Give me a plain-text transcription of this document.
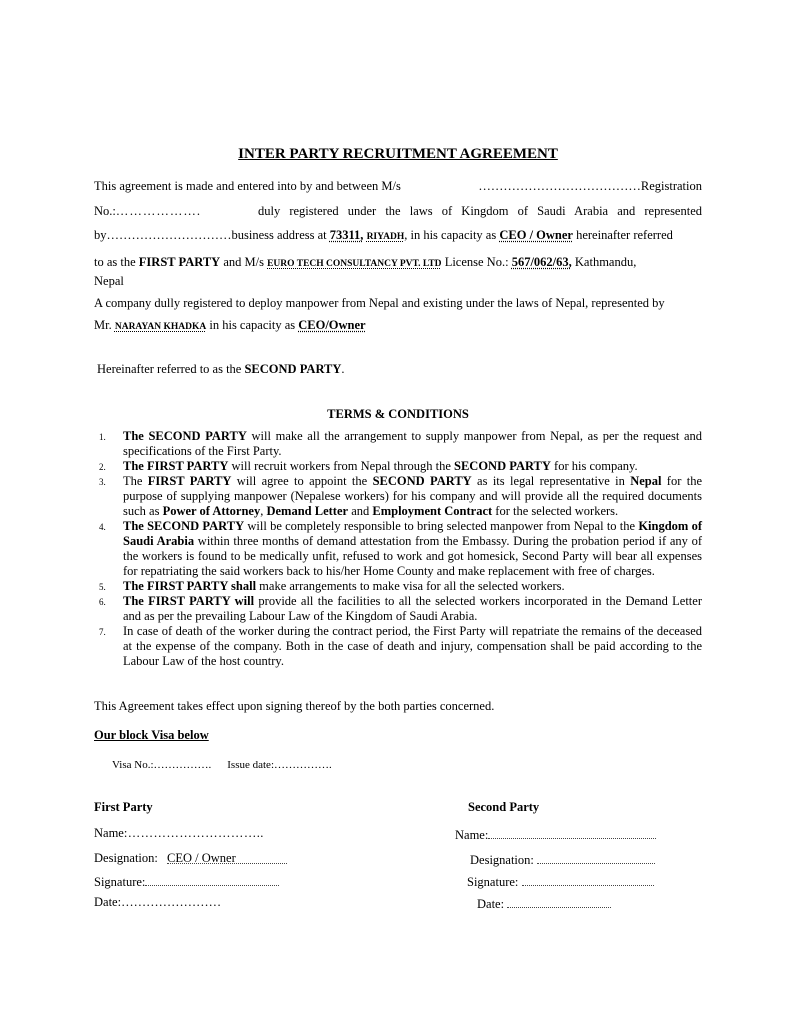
INTER PARTY RECRUITMENT AGREEMENT
This agreement is made and entered into by and between M/s	…………………………………Registration
No.:……………….	duly registered under the laws of Kingdom of Saudi Arabia and represented
by…………………………business address at 73311, RIYADH, in his capacity as CEO / Owner hereinafter referred
to as the FIRST PARTY and M/s EURO TECH CONSULTANCY PVT. LTD License No.: 567/062/63, Kathmandu,
Nepal
A company dully registered to deploy manpower from Nepal and existing under the laws of Nepal, represented by
Mr. NARAYAN KHADKA in his capacity as CEO/Owner
Hereinafter referred to as the SECOND PARTY.
TERMS & CONDITIONS
1. The SECOND PARTY will make all the arrangement to supply manpower from Nepal, as per the request and specifications of the First Party.
2. The FIRST PARTY will recruit workers from Nepal through the SECOND PARTY for his company.
3. The FIRST PARTY will agree to appoint the SECOND PARTY as its legal representative in Nepal for the purpose of supplying manpower (Nepalese workers) for his company and will provide all the required documents such as Power of Attorney, Demand Letter and Employment Contract for the selected workers.
4. The SECOND PARTY will be completely responsible to bring selected manpower from Nepal to the Kingdom of Saudi Arabia within three months of demand attestation from the Embassy. During the probation period if any of the workers is found to be medically unfit, refused to work and got homesick, Second Party will bear all expenses for repatriating the said workers back to his/her Home County and make replacement with free of charges.
5. The FIRST PARTY shall make arrangements to make visa for all the selected workers.
6. The FIRST PARTY will provide all the facilities to all the selected workers incorporated in the Demand Letter and as per the prevailing Labour Law of the Kingdom of Saudi Arabia.
7. In case of death of the worker during the contract period, the First Party will repatriate the remains of the deceased at the expense of the company. Both in the case of death and injury, compensation shall be paid according to the Labour Law of the host country.
This Agreement takes effect upon signing thereof by the both parties concerned.
Our block Visa below
Visa No.:……………. Issue date:…………….
First Party
Name:…………………………..
Designation: CEO / Owner
Signature:
Date:……………………
Second Party
Name:
Designation:
Signature:
Date:
